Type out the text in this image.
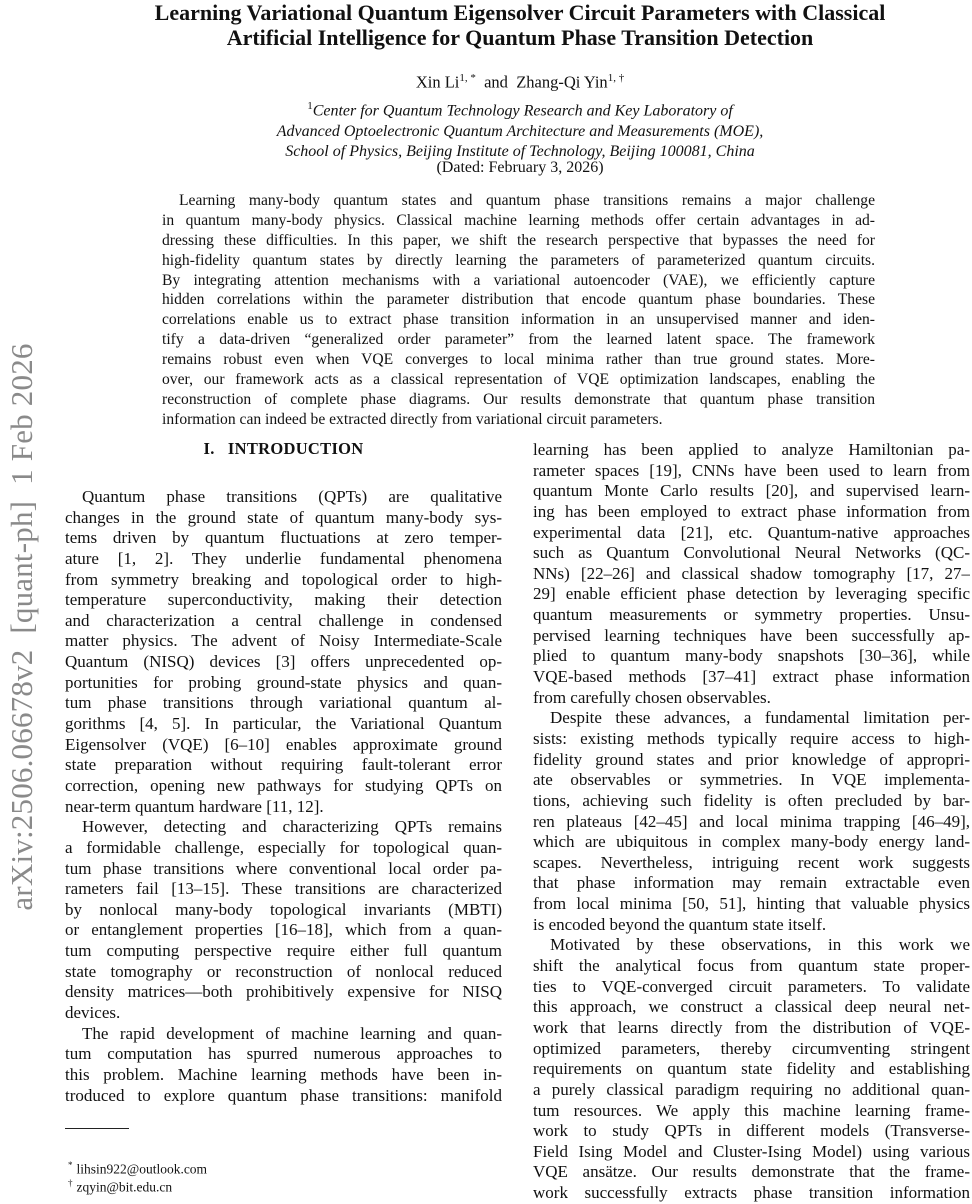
arXiv:2506.06678v2  [quant-ph]  1 Feb 2026
Learning Variational Quantum Eigensolver Circuit Parameters with Classical
Artificial Intelligence for Quantum Phase Transition Detection
Xin $Li^{1, *}$ and Zhang-Qi Yin$^{1, \dagger}$
$^1$Center for Quantum Technology Research and Key Laboratory of
Advanced Optoelectronic Quantum Architecture and Measurements (MOE),
School of Physics, Beijing Institute of Technology, Beijing 100081, China
(Dated: February 3, 2026)
Learning many-body quantum states and quantum phase transitions remains a major challenge
in quantum many-body physics. Classical machine learning methods offer certain advantages in ad-
dressing these difficulties. In this paper, we shift the research perspective that bypasses the need for
high-fidelity quantum states by directly learning the parameters of parameterized quantum circuits.
By integrating attention mechanisms with a variational autoencoder (VAE), we efficiently capture
hidden correlations within the parameter distribution that encode quantum phase boundaries. These
correlations enable us to extract phase transition information in an unsupervised manner and iden-
tify a data-driven “generalized order parameter” from the learned latent space. The framework
remains robust even when VQE converges to local minima rather than true ground states. More-
over, our framework acts as a classical representation of VQE optimization landscapes, enabling the
reconstruction of complete phase diagrams. Our results demonstrate that quantum phase transition
information can indeed be extracted directly from variational circuit parameters.
I. INTRODUCTION
Quantum phase transitions (QPTs) are qualitative
changes in the ground state of quantum many-body sys-
tems driven by quantum fluctuations at zero temper-
ature [1, 2]. They underlie fundamental phenomena
from symmetry breaking and topological order to high-
temperature superconductivity, making their detection
and characterization a central challenge in condensed
matter physics. The advent of Noisy Intermediate-Scale
Quantum (NISQ) devices [3] offers unprecedented op-
portunities for probing ground-state physics and quan-
tum phase transitions through variational quantum al-
gorithms [4, 5]. In particular, the Variational Quantum
Eigensolver (VQE) [6–10] enables approximate ground
state preparation without requiring fault-tolerant error
correction, opening new pathways for studying QPTs on
near-term quantum hardware [11, 12].
However, detecting and characterizing QPTs remains
a formidable challenge, especially for topological quan-
tum phase transitions where conventional local order pa-
rameters fail [13–15]. These transitions are characterized
by nonlocal many-body topological invariants (MBTI)
or entanglement properties [16–18], which from a quan-
tum computing perspective require either full quantum
state tomography or reconstruction of nonlocal reduced
density matrices—both prohibitively expensive for NISQ
devices.
The rapid development of machine learning and quan-
tum computation has spurred numerous approaches to
this problem. Machine learning methods have been in-
troduced to explore quantum phase transitions: manifold
learning has been applied to analyze Hamiltonian pa-
rameter spaces [19], CNNs have been used to learn from
quantum Monte Carlo results [20], and supervised learn-
ing has been employed to extract phase information from
experimental data [21], etc. Quantum-native approaches
such as Quantum Convolutional Neural Networks (QC-
NNs) [22–26] and classical shadow tomography [17, 27–
29] enable efficient phase detection by leveraging specific
quantum measurements or symmetry properties. Unsu-
pervised learning techniques have been successfully ap-
plied to quantum many-body snapshots [30–36], while
VQE-based methods [37–41] extract phase information
from carefully chosen observables.
Despite these advances, a fundamental limitation per-
sists: existing methods typically require access to high-
fidelity ground states and prior knowledge of appropri-
ate observables or symmetries. In VQE implementa-
tions, achieving such fidelity is often precluded by bar-
ren plateaus [42–45] and local minima trapping [46–49],
which are ubiquitous in complex many-body energy land-
scapes. Nevertheless, intriguing recent work suggests
that phase information may remain extractable even
from local minima [50, 51], hinting that valuable physics
is encoded beyond the quantum state itself.
Motivated by these observations, in this work we
shift the analytical focus from quantum state proper-
ties to VQE-converged circuit parameters. To validate
this approach, we construct a classical deep neural net-
work that learns directly from the distribution of VQE-
optimized parameters, thereby circumventing stringent
requirements on quantum state fidelity and establishing
a purely classical paradigm requiring no additional quan-
tum resources. We apply this machine learning frame-
work to study QPTs in different models (Transverse-
Field Ising Model and Cluster-Ising Model) using various
VQE ansätze. Our results demonstrate that the frame-
work successfully extracts phase transition information
* lihsin922@outlook.com
† zqyin@bit.edu.cn
